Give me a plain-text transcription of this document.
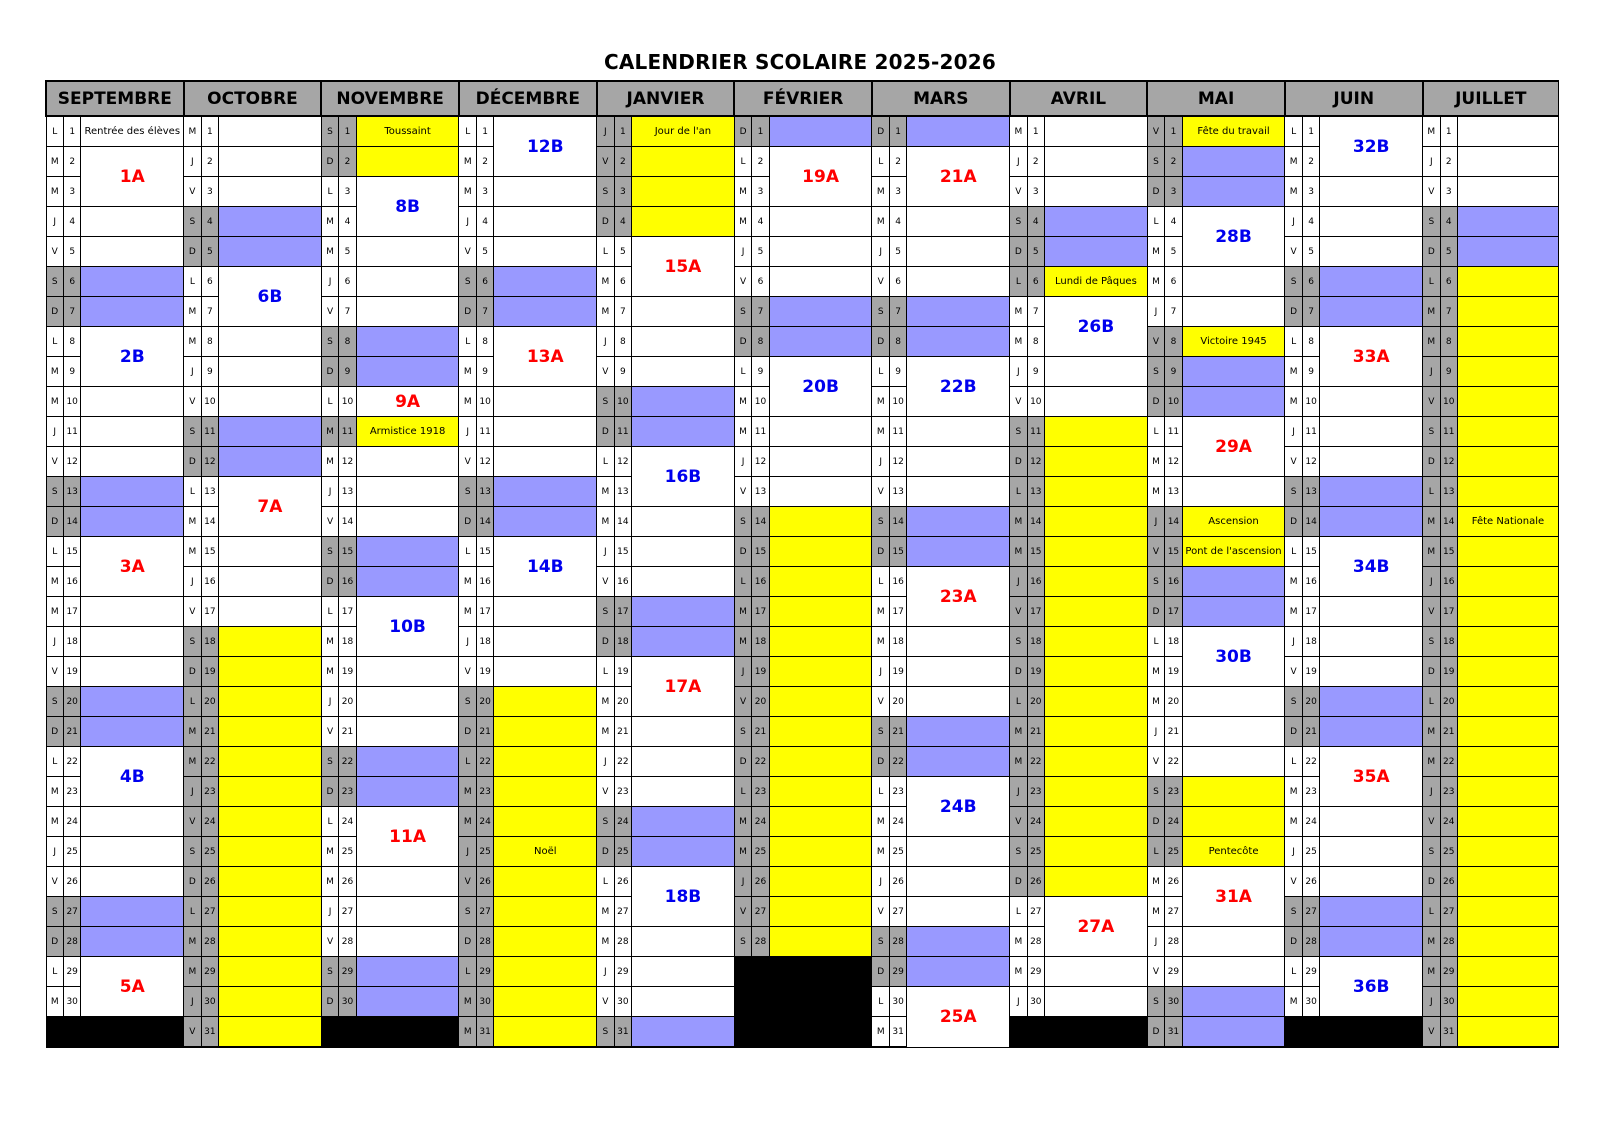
CALENDRIER SCOLAIRE 2025-2026
SEPTEMBRE			OCTOBRE			NOVEMBRE			DÉCEMBRE			JANVIER			FÉVRIER			MARS			AVRIL			MAI			JUIN			JUILLET		
L	1	Rentrée des élèves	M	1		S	1	Toussaint	L	1	12B	J	1	Jour de l'an	D	1		D	1		M	1		V	1	Fête du travail	L	1	32B	M	1	
M	2	1A	J	2		D	2		M	2		V	2		L	2	19A	L	2	21A	J	2		S	2		M	2		J	2	
M	3		V	3		L	3	8B	M	3		S	3		M	3		M	3		V	3		D	3		M	3		V	3	
J	4		S	4		M	4		J	4		D	4		M	4		M	4		S	4		L	4	28B	J	4		S	4	
V	5		D	5		M	5		V	5		L	5	15A	J	5		J	5		D	5		M	5		V	5		D	5	
S	6		L	6	6B	J	6		S	6		M	6		V	6		V	6		L	6	Lundi de Pâques	M	6		S	6		L	6	
D	7		M	7		V	7		D	7		M	7		S	7		S	7		M	7	26B	J	7		D	7		M	7	
L	8	2B	M	8		S	8		L	8	13A	J	8		D	8		D	8		M	8		V	8	Victoire 1945	L	8	33A	M	8	
M	9		J	9		D	9		M	9		V	9		L	9	20B	L	9	22B	J	9		S	9		M	9		J	9	
M	10		V	10		L	10	9A	M	10		S	10		M	10		M	10		V	10		D	10		M	10		V	10	
J	11		S	11		M	11	Armistice 1918	J	11		D	11		M	11		M	11		S	11		L	11	29A	J	11		S	11	
V	12		D	12		M	12		V	12		L	12	16B	J	12		J	12		D	12		M	12		V	12		D	12	
S	13		L	13	7A	J	13		S	13		M	13		V	13		V	13		L	13		M	13		S	13		L	13	
D	14		M	14		V	14		D	14		M	14		S	14		S	14		M	14		J	14	Ascension	D	14		M	14	Fête Nationale
L	15	3A	M	15		S	15		L	15	14B	J	15		D	15		D	15		M	15		V	15	Pont de l'ascension	L	15	34B	M	15	
M	16		J	16		D	16		M	16		V	16		L	16		L	16	23A	J	16		S	16		M	16		J	16	
M	17		V	17		L	17	10B	M	17		S	17		M	17		M	17		V	17		D	17		M	17		V	17	
J	18		S	18		M	18		J	18		D	18		M	18		M	18		S	18		L	18	30B	J	18		S	18	
V	19		D	19		M	19		V	19		L	19	17A	J	19		J	19		D	19		M	19		V	19		D	19	
S	20		L	20		J	20		S	20		M	20		V	20		V	20		L	20		M	20		S	20		L	20	
D	21		M	21		V	21		D	21		M	21		S	21		S	21		M	21		J	21		D	21		M	21	
L	22	4B	M	22		S	22		L	22		J	22		D	22		D	22		M	22		V	22		L	22	35A	M	22	
M	23		J	23		D	23		M	23		V	23		L	23		L	23	24B	J	23		S	23		M	23		J	23	
M	24		V	24		L	24	11A	M	24		S	24		M	24		M	24		V	24		D	24		M	24		V	24	
J	25		S	25		M	25		J	25	Noël	D	25		M	25		M	25		S	25		L	25	Pentecôte	J	25		S	25	
V	26		D	26		M	26		V	26		L	26	18B	J	26		J	26		D	26		M	26	31A	V	26		D	26	
S	27		L	27		J	27		S	27		M	27		V	27		V	27		L	27	27A	M	27		S	27		L	27	
D	28		M	28		V	28		D	28		M	28		S	28		S	28		M	28		J	28		D	28		M	28	
L	29	5A	M	29		S	29		L	29		J	29					D	29		M	29		V	29		L	29	36B	M	29	
M	30		J	30		D	30		M	30		V	30					L	30	25A	J	30		S	30		M	30		J	30	
			V	31					M	31		S	31					M	31					D	31					V	31	
